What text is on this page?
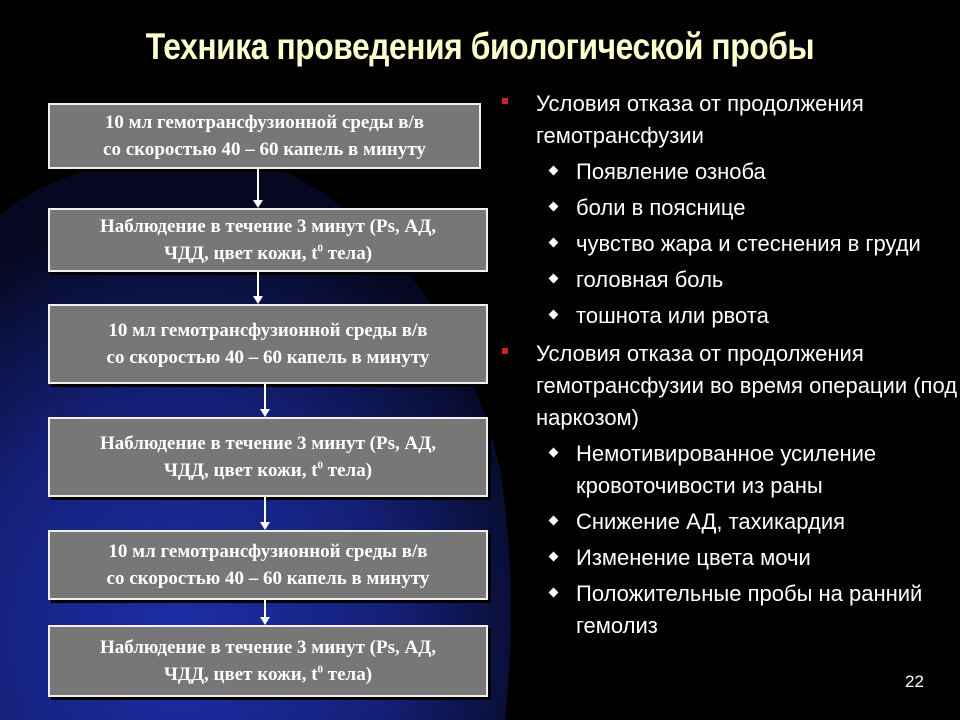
Техника проведения биологической пробы
10 мл гемотрансфузионной среды в/в
со скоростью 40 – 60 капель в минуту
Наблюдение в течение 3 минут (Ps, АД,
ЧДД, цвет кожи, $t^0$ тела)
10 мл гемотрансфузионной среды в/в
со скоростью 40 – 60 капель в минуту
Наблюдение в течение 3 минут (Ps, АД,
ЧДД, цвет кожи, $t^0$ тела)
10 мл гемотрансфузионной среды в/в
со скоростью 40 – 60 капель в минуту
Наблюдение в течение 3 минут (Ps, АД,
ЧДД, цвет кожи, $t^0$ тела)
Условия отказа от продолжения гемотрансфузии
Появление озноба
боли в пояснице
чувство жара и стеснения в груди
головная боль
тошнота или рвота
Условия отказа от продолжения гемотрансфузии во время операции (под наркозом)
Немотивированное усиление кровоточивости из раны
Снижение АД, тахикардия
Изменение цвета мочи
Положительные пробы на ранний гемолиз
22
